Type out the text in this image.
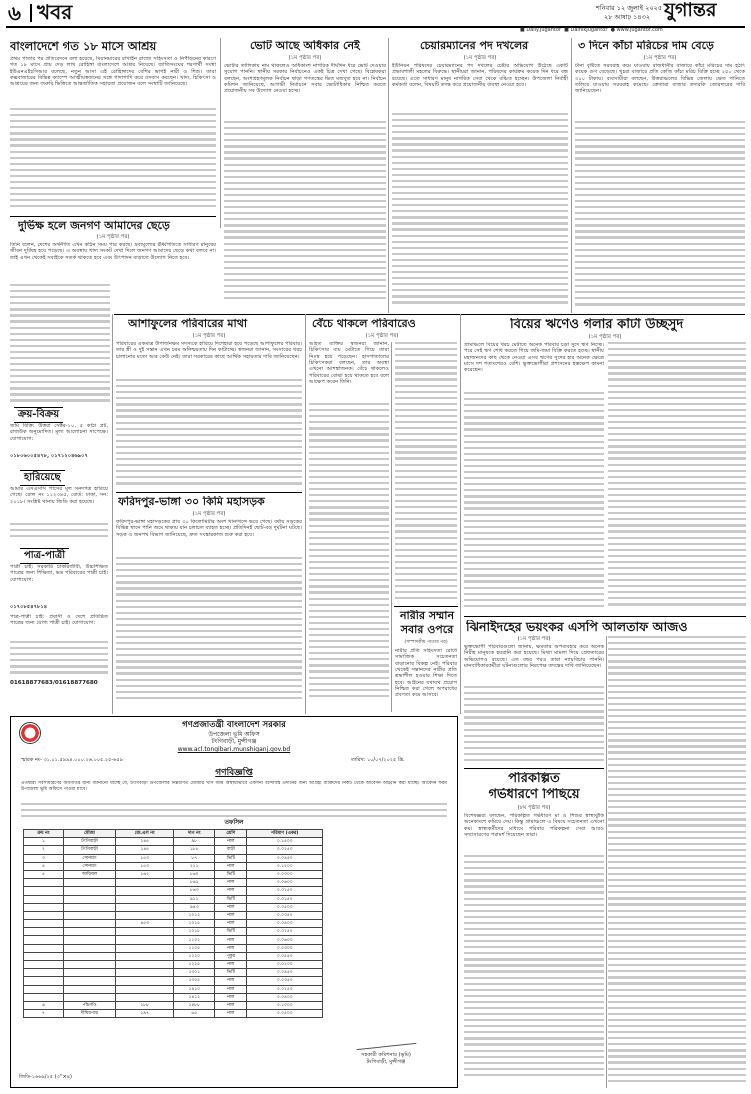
৬ খবর	শনিবার ১২ জুলাই ২০২৫
২৮ আষাঢ় ১৪৩২ যুগান্তর
■ Daily.Jugantor ■ DainikJugantor ● www.jugantor.com
বাংলাদেশে গত ১৮ মাসে আশ্রয়
প্রথম পাতার পর প্রতিবেদনে বলা হয়েছে, মিয়ানমারের রাখাইন রাজ্যে সহিংসতা ও নিপীড়নের কারণে গত ১৮ মাসে প্রায় দেড় লাখ রোহিঙ্গা বাংলাদেশে আশ্রয় নিয়েছে। জাতিসংঘের শরণার্থী সংস্থা ইউএনএইচসিআর বলেছে, নতুন আসা এই রোহিঙ্গাদের বেশির ভাগই নারী ও শিশু। তারা কক্সবাজারের বিভিন্ন ক্যাম্পে আত্মীয়স্বজনের সঙ্গে গাদাগাদি করে বসবাস করছেন। খাদ্য, চিকিৎসা ও আশ্রয়ের জন্য জরুরি ভিত্তিতে আন্তর্জাতিক সহায়তা প্রয়োজন বলে সংস্থাটি জানিয়েছে।
দুর্ভিক্ষ হলে জনগণ আমাদের ছেড়ে
(১ম পৃষ্ঠার পর)
তিনি বলেন, দেশের অর্থনীতি এখন কঠিন সময় পার করছে। দ্রব্যমূল্যের ঊর্ধ্বগতিতে সাধারণ মানুষের জীবন দুর্বিষহ হয়ে পড়েছে। এ অবস্থায় খাদ্য সংকট দেখা দিলে জনগণ আমাদের ছেড়ে কথা বলবে না। তাই এখন থেকেই সবাইকে সতর্ক থাকতে হবে এবং উৎপাদন বাড়াতে উদ্যোগ নিতে হবে।
ক্রয়-বিক্রয়
জমি বিক্রি: উত্তরা সেক্টর-১০, ৫ কাঠা প্লট, রাজউক অনুমোদিত। মূল্য আলোচনা সাপেক্ষে। যোগাযোগ:
০১৮০৬০০৫৪৭৮, ০১৭১২০৪৬৯০৭
হারিয়েছে
আমার এসএসসি পাসের মূল সনদপত্র হারিয়ে গেছে। রোল নং ১১২৩৪৫, বোর্ড: ঢাকা, সন: ২০১৮। সংশ্লিষ্ট থানায় জিডি করা হয়েছে।
পাত্র-পাত্রী
পাত্রী চাই: সরকারি চাকরিজীবী, উচ্চশিক্ষিত পাত্রের জন্য শিক্ষিতা, ভদ্র পরিবারের পাত্রী চাই। যোগাযোগ:
০১৭০৮৫৪৭৮১৪
পাত্র-পাত্রী চাই: প্রবাসী ও দেশে প্রতিষ্ঠিত পাত্রের জন্য যোগ্য পাত্রী চাই। যোগাযোগ:
01618877683/01618877680
ভোট আছে অধিকার নেই
(১ম পৃষ্ঠার পর)
ভোটার তালিকায় নাম থাকলেও অধিকাংশ নাগরিক দীর্ঘদিন ধরে ভোট দেওয়ার সুযোগ পাননি। স্থানীয় সরকার নির্বাচনেও একই চিত্র দেখা গেছে। বিশ্লেষকরা বলছেন, অংশগ্রহণমূলক নির্বাচন ছাড়া গণতন্ত্রের ভিত মজবুত হবে না। নির্বাচন কমিশন জানিয়েছে, আগামী নির্বাচনে সবার ভোটাধিকার নিশ্চিত করতে প্রয়োজনীয় সব উদ্যোগ নেওয়া হচ্ছে।
চেয়ারম্যানের পদ দখলের
(১ম পৃষ্ঠার পর)
ইউনিয়ন পরিষদের চেয়ারম্যানের পদ দখলের চেষ্টার অভিযোগ উঠেছে একটি প্রভাবশালী মহলের বিরুদ্ধে। স্থানীয়রা জানান, পরিষদের কার্যক্রম কয়েক দিন ধরে বন্ধ রয়েছে। এতে সাধারণ মানুষ নাগরিক সেবা থেকে বঞ্চিত হচ্ছেন। উপজেলা নির্বাহী কর্মকর্তা বলেন, বিষয়টি তদন্ত করে প্রয়োজনীয় ব্যবস্থা নেওয়া হবে।
৩ দিনে কাঁচা মরিচের দাম বেড়ে
(১ম পৃষ্ঠার পর)
টানা বৃষ্টিতে সরবরাহ কমে যাওয়ায় রাজধানীর বাজারে কাঁচা মরিচের দাম হঠাৎ কয়েক গুণ বেড়েছে। খুচরা বাজারে প্রতি কেজি কাঁচা মরিচ বিক্রি হচ্ছে ২৫০ থেকে ৩০০ টাকায়। ব্যবসায়ীরা বলছেন, উত্তরাঞ্চলের বিভিন্ন জেলায় ক্ষেত পানিতে তলিয়ে যাওয়ায় সরবরাহ কমেছে। ক্রেতারা বাজার তদারকি জোরদারের দাবি জানিয়েছেন।
আশাফুলের পরিবারের মাথা
(১ম পৃষ্ঠার পর)
পরিবারের একমাত্র উপার্জনক্ষম সদস্যকে হারিয়ে দিশেহারা হয়ে পড়েছে আশাফুলের পরিবার। তার স্ত্রী ও দুই সন্তান এখন চরম অনিশ্চয়তায় দিন কাটাচ্ছে। স্বজনরা জানান, সংসারের খরচ চালানোর মতো আর কেউ নেই। তারা সরকারের কাছে আর্থিক সহায়তার দাবি জানিয়েছেন।
ফরিদপুর-ভাঙ্গা ৩০ কিমি মহাসড়ক
(১ম পৃষ্ঠার পর)
ফরিদপুর-ভাঙ্গা মহাসড়কের প্রায় ৩০ কিলোমিটার অংশ খানাখন্দে ভরে গেছে। বর্ষায় সড়কের বিভিন্ন স্থানে পানি জমে থাকায় যান চলাচল ব্যাহত হচ্ছে। প্রতিদিনই ছোট-বড় দুর্ঘটনা ঘটছে। সড়ক ও জনপথ বিভাগ জানিয়েছে, দ্রুত সংস্কারকাজ শুরু করা হবে।
বেঁচে থাকলে পরিবারেও
(১ম পৃষ্ঠার পর)
আহত ব্যক্তির স্বজনরা জানান, চিকিৎসার ব্যয় মেটাতে গিয়ে তারা নিঃস্ব হয়ে পড়েছেন। হাসপাতালের চিকিৎসকরা বলছেন, তার অবস্থা এখনো আশঙ্কাজনক। বেঁচে থাকলেও পরিবারের বোঝা হয়ে থাকতে হবে বলে আক্ষেপ করেন তিনি।
নারীর সম্মান
সবার ওপরে
(সম্পাদকীয় পাতার পর)
নারীর প্রতি সহিংসতা রোধে সামাজিক সচেতনতা বাড়ানোর বিকল্প নেই। পরিবার থেকেই সন্তানদের নারীর প্রতি শ্রদ্ধাশীল হওয়ার শিক্ষা দিতে হবে। আইনের যথাযথ প্রয়োগ নিশ্চিত করা গেলে অপরাধের প্রবণতা কমে আসবে।
বিয়ের ঋণেও গলার কাঁটা উচ্ছসুদ
(১ম পৃষ্ঠার পর)
গ্রামাঞ্চলে বিয়ের খরচ মেটাতে অনেক পরিবার চড়া সুদে ঋণ নিচ্ছে। পরে সেই ঋণ শোধ করতে গিয়ে জমি-জমা বিক্রি করতে হচ্ছে। স্থানীয় মহাজনদের কাছ থেকে নেওয়া এসব ঋণের সুদের হার অনেক ক্ষেত্রে মাসে দশ শতাংশেরও বেশি। ভুক্তভোগীরা প্রশাসনের হস্তক্ষেপ কামনা করেছেন।
ঝিনাইদহের ভয়ংকর এসপি আলতাফ আজও
(১ম পৃষ্ঠার পর)
ভুক্তভোগী পরিবারগুলো জানায়, ক্ষমতার অপব্যবহার করে অনেক নিরীহ মানুষকে হয়রানি করা হয়েছে। মিথ্যা মামলা দিয়ে গ্রেফতারের অভিযোগও রয়েছে। এত বছর পরও তারা ন্যায়বিচার পাননি। মানবাধিকারকর্মীরা ঘটনাগুলোর নিরপেক্ষ তদন্তের দাবি জানিয়েছেন।
পরিকল্পিত
গর্ভধারণে পিছিয়ে
(৮ম পৃষ্ঠার পর)
বিশেষজ্ঞরা বলছেন, পরিকল্পিত গর্ভধারণ মা ও শিশুর স্বাস্থ্যঝুঁকি অনেকাংশে কমিয়ে দেয়। কিন্তু গ্রামাঞ্চলে এ বিষয়ে সচেতনতা এখনো কম। স্বাস্থ্যকর্মীদের মাধ্যমে পরিবার পরিকল্পনা সেবা আরও সম্প্রসারণের পরামর্শ দিয়েছেন তারা।
গণপ্রজাতন্ত্রী বাংলাদেশ সরকার
উপজেলা ভূমি অফিস
টংগিবাড়ী, মুন্সীগঞ্জ
www.acl.tongibari.munshiganj.gov.bd
স্মারক নং- ৩১.০১.৫৯৯৪.০০০.২৬.০০৫.২৫-৬৫৯	তারিখ: ১০/০৭/২০২৫ খ্রি.
গণবিজ্ঞপ্তি
এতদ্বারা সর্বসাধারণের অবগতির জন্য জানানো যাচ্ছে যে, টংগিবাড়ী উপজেলার নিম্নবর্ণিত মৌজার খাস জমি অস্থায়ীভাবে একসনা বন্দোবস্ত প্রদানের জন্য আগ্রহী ব্যক্তিদের নিকট থেকে আবেদন আহ্বান করা যাচ্ছে। আবেদন ফরম উপজেলা ভূমি অফিসে পাওয়া যাবে।
তফসিল
ক্রম নং	মৌজা	জে.এল নং	দাগ নং	শ্রেণি	পরিমাণ (একর)
১	টংগিবাড়ী	১৪৫	৯৮	নাল	০.১৫০০
২	টংগিবাড়ী	১৪৫	১৮৮	বাড়ী	০.০২৫০
৩	সোনারং	১৫৩	৮৭	ভিটি	০.০৪৫০
৪	সোনারং	১৫৩	২২১	নাল	০.১২০০
৫	আড়িয়ল	১৬২	৮৬০	ভিটি	০.০৩০০
			৮৬১	নাল	০.০৬০০
			৮৬৩	নাল	০.০২৫০
			৯১২	ভিটি	০.০১৫০
			৯৪৩	নাল	০.০৫০০
			১০১২	নাল	০.০৩৫০
		৪৫৩	১০১৫	নাল	০.০৪০০
			১০১৮	ভিটি	০.০২৫০
			১১০২	নাল	০.০৬০০
			১১০৫	নাল	০.০৩০০
			১২২০	পুকুর	০.০৫৫০
			১২২৫	নাল	০.০২০০
			১৩০১	ভিটি	০.০৪৫০
			১৩০৫	নাল	০.০৩৫০
			১৪১০	নাল	০.০২৫০
			১৪১২	নাল	০.০৪০০
৬	পাঁচগাঁও	১৮৮	১৪৮৮	নাল	০.১০০০
৭	দীঘিরপাড়	১৯৭	৬৫	নাল	০.০৫০০
সহকারী কমিশনার (ভূমি)
টংগিবাড়ী, মুন্সীগঞ্জ
জিডি-১৬৬৯/২৫ (৩''×৪)
